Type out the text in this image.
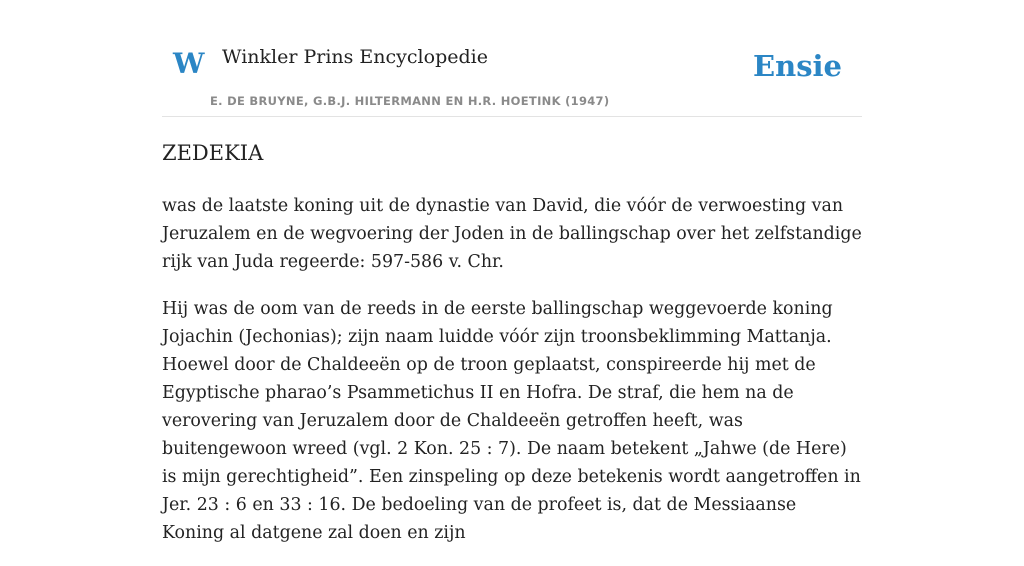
W Winkler Prins Encyclopedie
E. DE BRUYNE, G.B.J. HILTERMANN EN H.R. HOETINK (1947)
Ensie
ZEDEKIA

was de laatste koning uit de dynastie van David, die vóór de verwoesting van Jeruzalem en de wegvoering der Joden in de ballingschap over het zelfstandige rijk van Juda regeerde: 597-586 v. Chr.

Hij was de oom van de reeds in de eerste ballingschap weggevoerde koning Jojachin (Jechonias); zijn naam luidde vóór zijn troonsbeklimming Mattanja. Hoewel door de Chaldeeën op de troon geplaatst, conspireerde hij met de Egyptische pharao’s Psammetichus II en Hofra. De straf, die hem na de verovering van Jeruzalem door de Chaldeeën getroffen heeft, was buitengewoon wreed (vgl. 2 Kon. 25 : 7). De naam betekent „Jahwe (de Here) is mijn gerechtigheid”. Een zinspeling op deze betekenis wordt aangetroffen in Jer. 23 : 6 en 33 : 16. De bedoeling van de profeet is, dat de Messiaanse Koning al datgene zal doen en zijn
